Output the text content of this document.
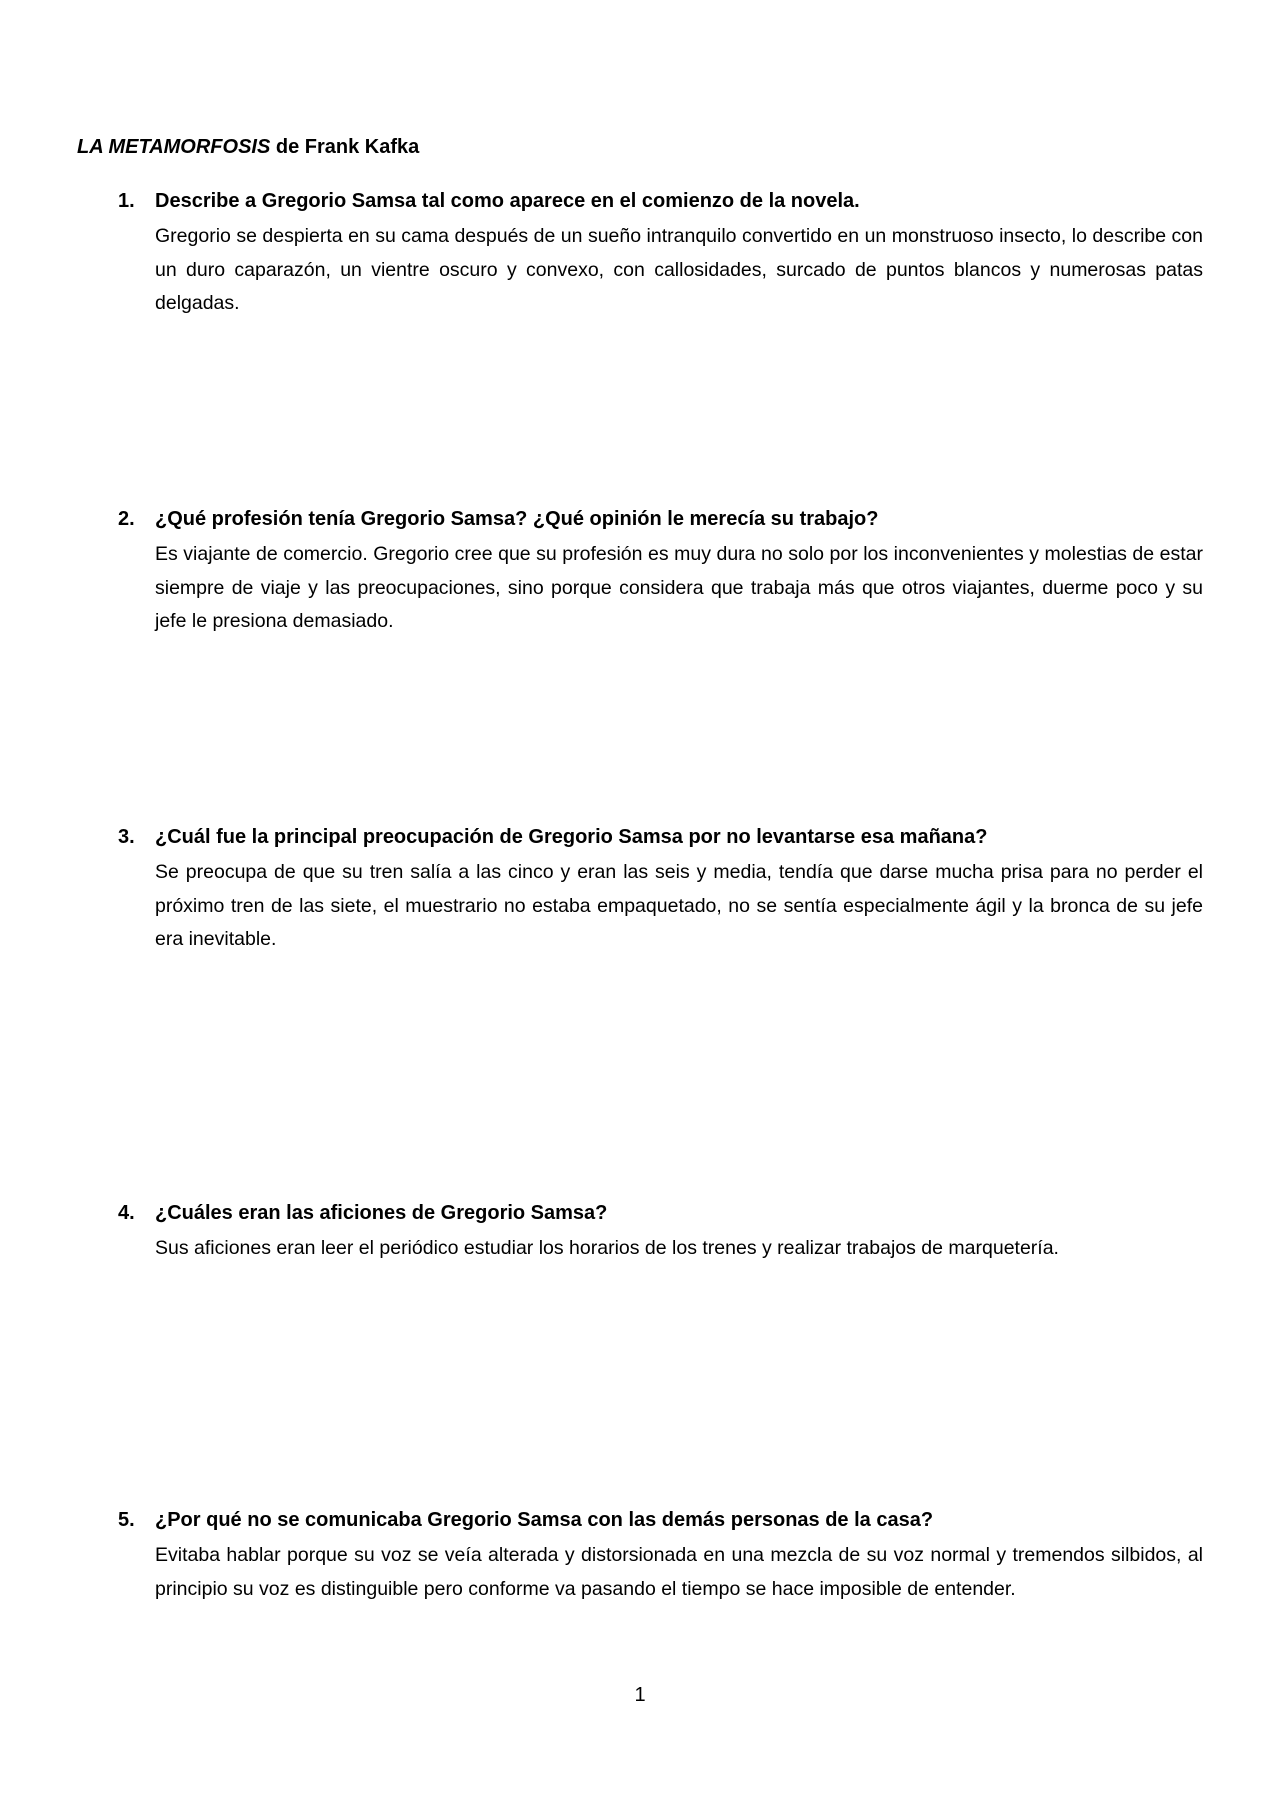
LA METAMORFOSIS de Frank Kafka
1.	Describe a Gregorio Samsa tal como aparece en el comienzo de la novela.
Gregorio se despierta en su cama después de un sueño intranquilo convertido en un monstruoso insecto, lo describe con un duro caparazón, un vientre oscuro y convexo, con callosidades, surcado de puntos blancos y numerosas patas delgadas.
2.	¿Qué profesión tenía Gregorio Samsa? ¿Qué opinión le merecía su trabajo?
Es viajante de comercio. Gregorio cree que su profesión es muy dura no solo por los inconvenientes y molestias de estar siempre de viaje y las preocupaciones, sino porque considera que trabaja más que otros viajantes, duerme poco y su jefe le presiona demasiado.
3.	¿Cuál fue la principal preocupación de Gregorio Samsa por no levantarse esa mañana?
Se preocupa de que su tren salía a las cinco y eran las seis y media, tendía que darse mucha prisa para no perder el próximo tren de las siete, el muestrario no estaba empaquetado, no se sentía especialmente ágil y la bronca de su jefe era inevitable.
4.	¿Cuáles eran las aficiones de Gregorio Samsa?
Sus aficiones eran leer el periódico estudiar los horarios de los trenes y realizar trabajos de marquetería.
5.	¿Por qué no se comunicaba Gregorio Samsa con las demás personas de la casa?
Evitaba hablar porque su voz se veía alterada y distorsionada en una mezcla de su voz normal y tremendos silbidos, al principio su voz es distinguible pero conforme va pasando el tiempo se hace imposible de entender.
1
